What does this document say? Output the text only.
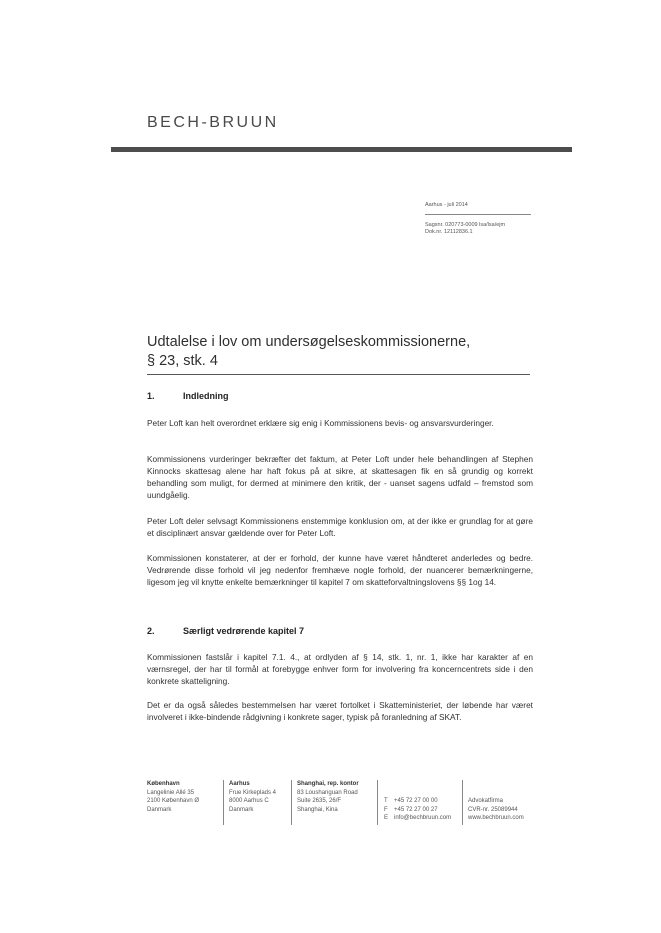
BECH-BRUUN
Aarhus - juli 2014
Sagsnr. 020773-0009 lsa/lsa/ejm
Dok.nr. 12112836.1
Udtalelse i lov om undersøgelseskommissionerne,
§ 23, stk. 4
1.	Indledning
Peter Loft kan helt overordnet erklære sig enig i Kommissionens bevis- og ansvarsvurderinger.
Kommissionens vurderinger bekræfter det faktum, at Peter Loft under hele behandlingen af Stephen Kinnocks skattesag alene har haft fokus på at sikre, at skattesagen fik en så grundig og korrekt behandling som muligt, for dermed at minimere den kritik, der - uanset sagens udfald – fremstod som uundgåelig.
Peter Loft deler selvsagt Kommissionens enstemmige konklusion om, at der ikke er grundlag for at gøre et disciplinært ansvar gældende over for Peter Loft.
Kommissionen konstaterer, at der er forhold, der kunne have været håndteret anderledes og bedre. Vedrørende disse forhold vil jeg nedenfor fremhæve nogle forhold, der nuancerer bemærkningerne, ligesom jeg vil knytte enkelte bemærkninger til kapitel 7 om skatteforvaltningslovens §§ 1og 14.
2.	Særligt vedrørende kapitel 7
Kommissionen fastslår i kapitel 7.1. 4., at ordlyden af § 14, stk. 1, nr. 1, ikke har karakter af en værnsregel, der har til formål at forebygge enhver form for involvering fra koncerncentrets side i den konkrete skatteligning.
Det er da også således bestemmelsen har været fortolket i Skatteministeriet, der løbende har været involveret i ikke-bindende rådgivning i konkrete sager, typisk på foranledning af SKAT.
København
Langelinie Allé 35
2100 København Ø
Danmark
Aarhus
Frue Kirkeplads 4
8000 Aarhus C
Danmark
Shanghai, rep. kontor
83 Loushanguan Road
Suite 2635, 26/F
Shanghai, Kina
T	+45 72 27 00 00
F	+45 72 27 00 27
E info@bechbruun.com
Advokatfirma
CVR-nr. 25089944
www.bechbruun.com
